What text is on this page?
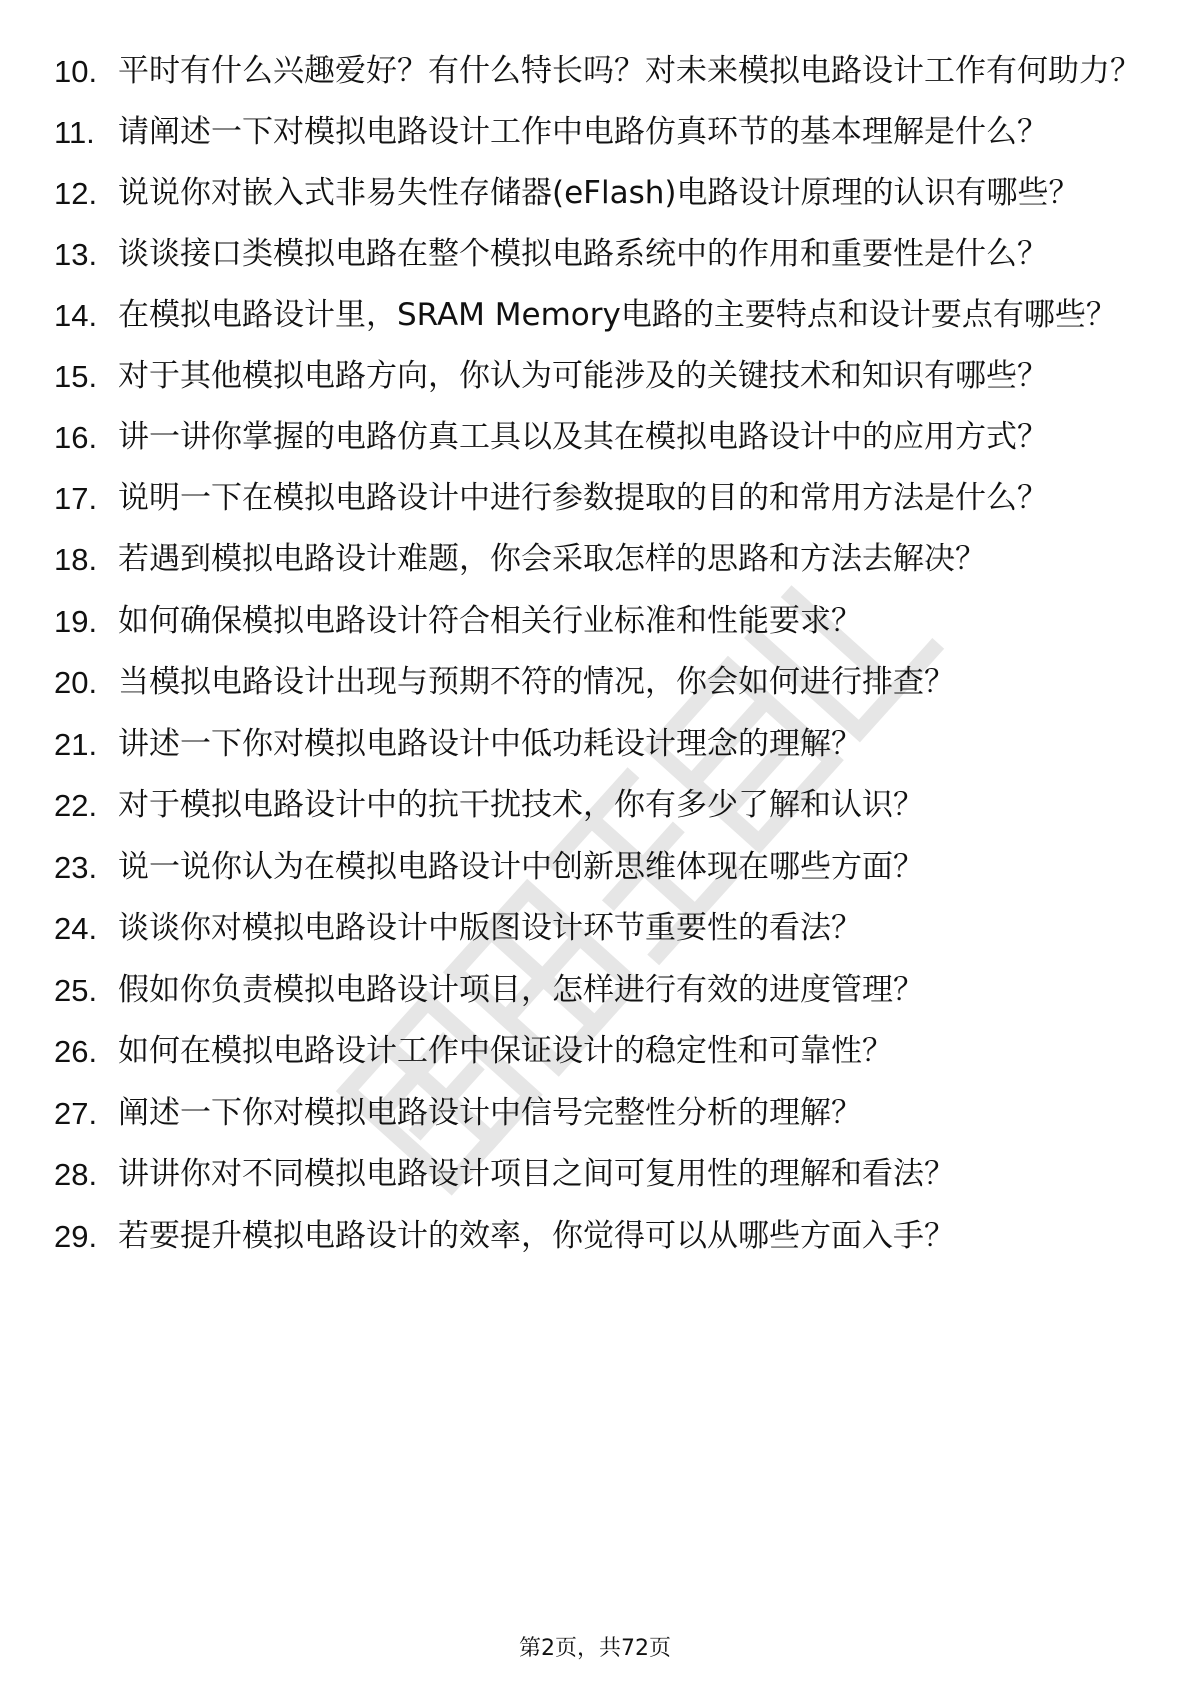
10. 平时有什么兴趣爱好？有什么特长吗？对未来模拟电路设计工作有何助力？
11. 请阐述一下对模拟电路设计工作中电路仿真环节的基本理解是什么？
12. 说说你对嵌入式非易失性存储器(eFlash)电路设计原理的认识有哪些？
13. 谈谈接口类模拟电路在整个模拟电路系统中的作用和重要性是什么？
14. 在模拟电路设计里，SRAM Memory电路的主要特点和设计要点有哪些？
15. 对于其他模拟电路方向，你认为可能涉及的关键技术和知识有哪些？
16. 讲一讲你掌握的电路仿真工具以及其在模拟电路设计中的应用方式？
17. 说明一下在模拟电路设计中进行参数提取的目的和常用方法是什么？
18. 若遇到模拟电路设计难题，你会采取怎样的思路和方法去解决？
19. 如何确保模拟电路设计符合相关行业标准和性能要求？
20. 当模拟电路设计出现与预期不符的情况，你会如何进行排查？
21. 讲述一下你对模拟电路设计中低功耗设计理念的理解？
22. 对于模拟电路设计中的抗干扰技术，你有多少了解和认识？
23. 说一说你认为在模拟电路设计中创新思维体现在哪些方面？
24. 谈谈你对模拟电路设计中版图设计环节重要性的看法？
25. 假如你负责模拟电路设计项目，怎样进行有效的进度管理？
26. 如何在模拟电路设计工作中保证设计的稳定性和可靠性？
27. 阐述一下你对模拟电路设计中信号完整性分析的理解？
28. 讲讲你对不同模拟电路设计项目之间可复用性的理解和看法？
29. 若要提升模拟电路设计的效率，你觉得可以从哪些方面入手？
第2页，共72页
